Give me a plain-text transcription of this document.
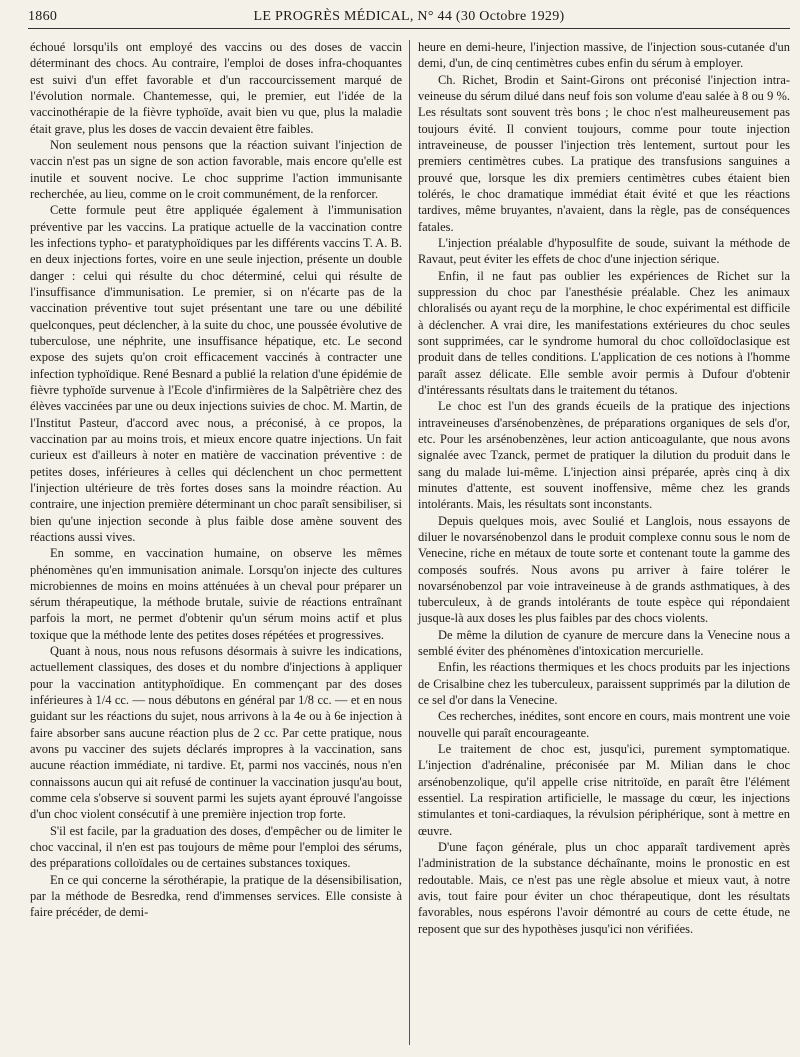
1860	LE PROGRÈS MÉDICAL, N° 44 (30 Octobre 1929)

échoué lorsqu'ils ont employé des vaccins ou des doses de vaccin déterminant des chocs. Au contraire, l'emploi de doses infra-choquantes est suivi d'un effet favorable et d'un raccourcissement marqué de l'évolution normale. Chantemesse, qui, le premier, eut l'idée de la vaccinothérapie de la fièvre typhoïde, avait bien vu que, plus la maladie était grave, plus les doses de vaccin devaient être faibles.

Non seulement nous pensons que la réaction suivant l'injection de vaccin n'est pas un signe de son action favorable, mais encore qu'elle est inutile et souvent nocive. Le choc supprime l'action immunisante recherchée, au lieu, comme on le croit communément, de la renforcer.

Cette formule peut être appliquée également à l'immunisation préventive par les vaccins. La pratique actuelle de la vaccination contre les infections typho- et paratyphoïdiques par les différents vaccins T. A. B. en deux injections fortes, voire en une seule injection, présente un double danger : celui qui résulte du choc déterminé, celui qui résulte de l'insuffisance d'immunisation. Le premier, si on n'écarte pas de la vaccination préventive tout sujet présentant une tare ou une débilité quelconques, peut déclencher, à la suite du choc, une poussée évolutive de tuberculose, une néphrite, une insuffisance hépatique, etc. Le second expose des sujets qu'on croit efficacement vaccinés à contracter une infection typhoïdique. René Besnard a publié la relation d'une épidémie de fièvre typhoïde survenue à l'Ecole d'infirmières de la Salpêtrière chez des élèves vaccinées par une ou deux injections suivies de choc. M. Martin, de l'Institut Pasteur, d'accord avec nous, a préconisé, à ce propos, la vaccination par au moins trois, et mieux encore quatre injections. Un fait curieux est d'ailleurs à noter en matière de vaccination préventive : de petites doses, inférieures à celles qui déclenchent un choc permettent l'injection ultérieure de très fortes doses sans la moindre réaction. Au contraire, une injection première déterminant un choc paraît sensibiliser, si bien qu'une injection seconde à plus faible dose amène souvent des réactions aussi vives.

En somme, en vaccination humaine, on observe les mêmes phénomènes qu'en immunisation animale. Lorsqu'on injecte des cultures microbiennes de moins en moins atténuées à un cheval pour préparer un sérum thérapeutique, la méthode brutale, suivie de réactions entraînant parfois la mort, ne permet d'obtenir qu'un sérum moins actif et plus toxique que la méthode lente des petites doses répétées et progressives.

Quant à nous, nous nous refusons désormais à suivre les indications, actuellement classiques, des doses et du nombre d'injections à appliquer pour la vaccination antityphoïdique. En commençant par des doses inférieures à 1/4 cc. — nous débutons en général par 1/8 cc. — et en nous guidant sur les réactions du sujet, nous arrivons à la 4e ou à 6e injection à faire absorber sans aucune réaction plus de 2 cc. Par cette pratique, nous avons pu vacciner des sujets déclarés impropres à la vaccination, sans aucune réaction immédiate, ni tardive. Et, parmi nos vaccinés, nous n'en connaissons aucun qui ait refusé de continuer la vaccination jusqu'au bout, comme cela s'observe si souvent parmi les sujets ayant éprouvé l'angoisse d'un choc violent consécutif à une première injection trop forte.

S'il est facile, par la graduation des doses, d'empêcher ou de limiter le choc vaccinal, il n'en est pas toujours de même pour l'emploi des sérums, des préparations colloïdales ou de certaines substances toxiques.

En ce qui concerne la sérothérapie, la pratique de la désensibilisation, par la méthode de Besredka, rend d'immenses services. Elle consiste à faire précéder, de demi-

heure en demi-heure, l'injection massive, de l'injection sous-cutanée d'un demi, d'un, de cinq centimètres cubes enfin du sérum à employer.

Ch. Richet, Brodin et Saint-Girons ont préconisé l'injection intra-veineuse du sérum dilué dans neuf fois son volume d'eau salée à 8 ou 9 %. Les résultats sont souvent très bons ; le choc n'est malheureusement pas toujours évité. Il convient toujours, comme pour toute injection intraveineuse, de pousser l'injection très lentement, surtout pour les premiers centimètres cubes. La pratique des transfusions sanguines a prouvé que, lorsque les dix premiers centimètres cubes étaient bien tolérés, le choc dramatique immédiat était évité et que les réactions tardives, même bruyantes, n'avaient, dans la règle, pas de conséquences fatales.

L'injection préalable d'hyposulfite de soude, suivant la méthode de Ravaut, peut éviter les effets de choc d'une injection sérique.

Enfin, il ne faut pas oublier les expériences de Richet sur la suppression du choc par l'anesthésie préalable. Chez les animaux chloralisés ou ayant reçu de la morphine, le choc expérimental est difficile à déclencher. A vrai dire, les manifestations extérieures du choc seules sont supprimées, car le syndrome humoral du choc colloïdoclasique est produit dans de telles conditions. L'application de ces notions à l'homme paraît assez délicate. Elle semble avoir permis à Dufour d'obtenir d'intéressants résultats dans le traitement du tétanos.

Le choc est l'un des grands écueils de la pratique des injections intraveineuses d'arsénobenzènes, de préparations organiques de sels d'or, etc. Pour les arsénobenzènes, leur action anticoagulante, que nous avons signalée avec Tzanck, permet de pratiquer la dilution du produit dans le sang du malade lui-même. L'injection ainsi préparée, après cinq à dix minutes d'attente, est souvent inoffensive, même chez les grands intolérants. Mais, les résultats sont inconstants.

Depuis quelques mois, avec Soulié et Langlois, nous essayons de diluer le novarsénobenzol dans le produit complexe connu sous le nom de Venecine, riche en métaux de toute sorte et contenant toute la gamme des composés soufrés. Nous avons pu arriver à faire tolérer le novarsénobenzol par voie intraveineuse à de grands asthmatiques, à des tuberculeux, à de grands intolérants de toute espèce qui répondaient jusque-là aux doses les plus faibles par des chocs violents.

De même la dilution de cyanure de mercure dans la Venecine nous a semblé éviter des phénomènes d'intoxication mercurielle.

Enfin, les réactions thermiques et les chocs produits par les injections de Crisalbine chez les tuberculeux, paraissent supprimés par la dilution de ce sel d'or dans la Venecine.

Ces recherches, inédites, sont encore en cours, mais montrent une voie nouvelle qui paraît encourageante.

Le traitement de choc est, jusqu'ici, purement symptomatique. L'injection d'adrénaline, préconisée par M. Milian dans le choc arsénobenzolique, qu'il appelle crise nitritoïde, en paraît être l'élément essentiel. La respiration artificielle, le massage du cœur, les injections stimulantes et toni-cardiaques, la révulsion périphérique, sont à mettre en œuvre.

D'une façon générale, plus un choc apparaît tardivement après l'administration de la substance déchaînante, moins le pronostic en est redoutable. Mais, ce n'est pas une règle absolue et mieux vaut, à notre avis, tout faire pour éviter un choc thérapeutique, dont les résultats favorables, nous espérons l'avoir démontré au cours de cette étude, ne reposent que sur des hypothèses jusqu'ici non vérifiées.
